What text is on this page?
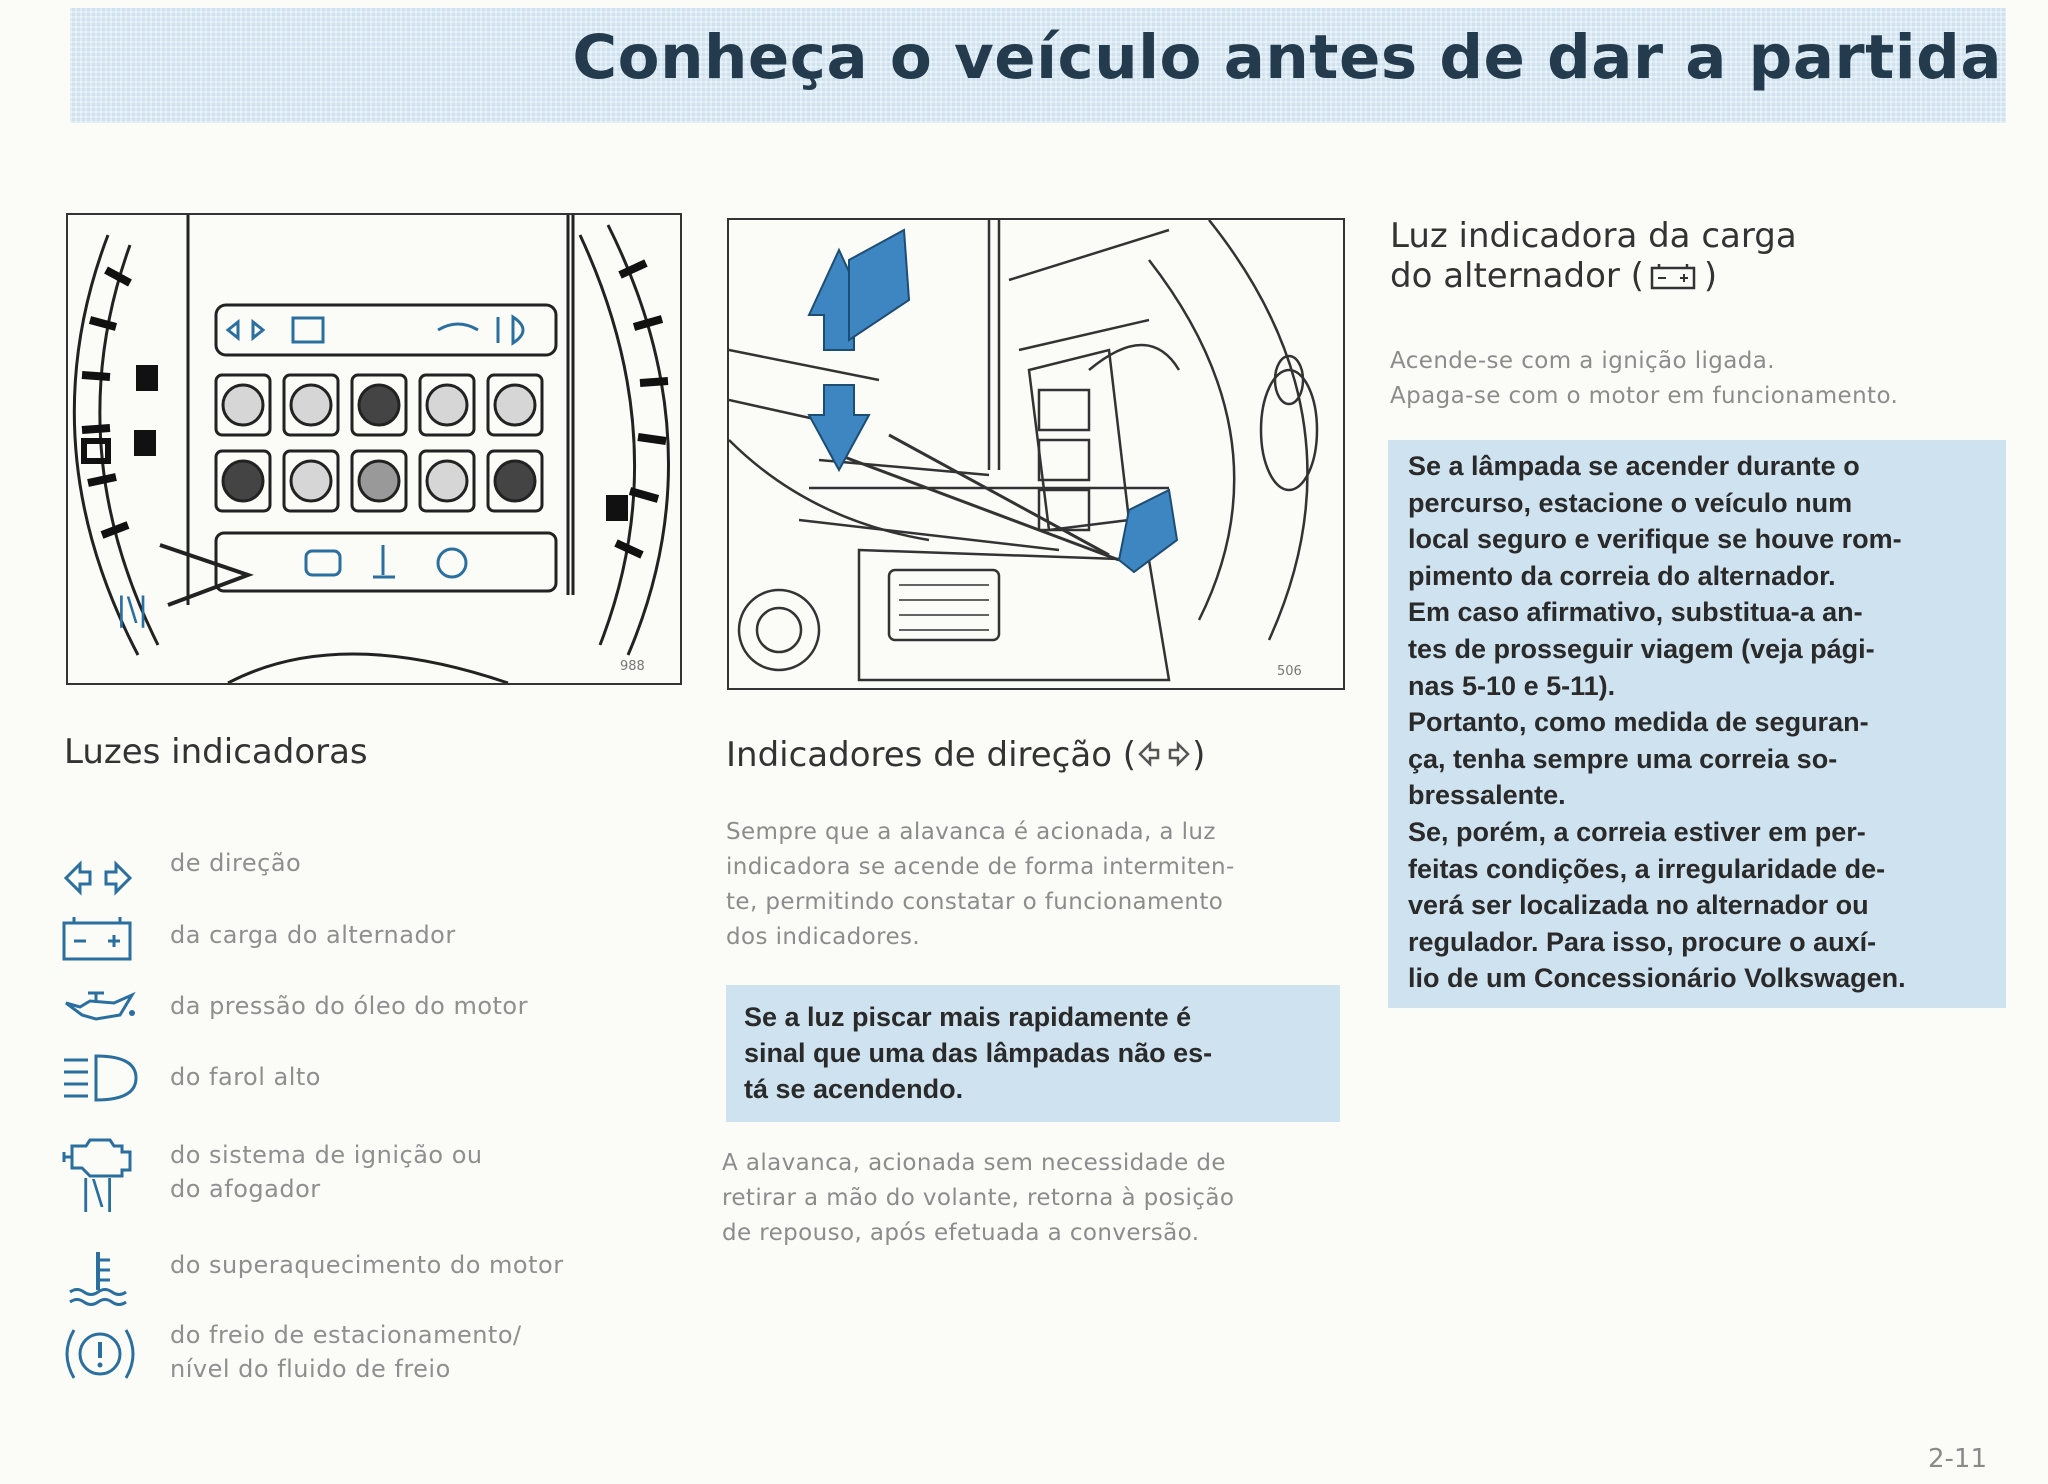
Conheça o veículo antes de dar a partida
|\|
988	506
Luzes indicadoras
de direção
da carga do alternador
da pressão do óleo do motor
do farol alto
|\|
do sistema de ignição ou
do afogador
do superaquecimento do motor
do freio de estacionamento/
nível do fluido de freio
Indicadores de direção ( )
Sempre que a alavanca é acionada, a luz
indicadora se acende de forma intermiten-
te, permitindo constatar o funcionamento
dos indicadores.
Se a luz piscar mais rapidamente é
sinal que uma das lâmpadas não es-
tá se acendendo.
A alavanca, acionada sem necessidade de
retirar a mão do volante, retorna à posição
de repouso, após efetuada a conversão.
Luz indicadora da carga
do alternador ( )
Acende-se com a ignição ligada.
Apaga-se com o motor em funcionamento.
Se a lâmpada se acender durante o
percurso, estacione o veículo num
local seguro e verifique se houve rom-
pimento da correia do alternador.
Em caso afirmativo, substitua-a an-
tes de prosseguir viagem (veja pági-
nas 5-10 e 5-11).
Portanto, como medida de seguran-
ça, tenha sempre uma correia so-
bressalente.
Se, porém, a correia estiver em per-
feitas condições, a irregularidade de-
verá ser localizada no alternador ou
regulador. Para isso, procure o auxí-
lio de um Concessionário Volkswagen.
2-11
